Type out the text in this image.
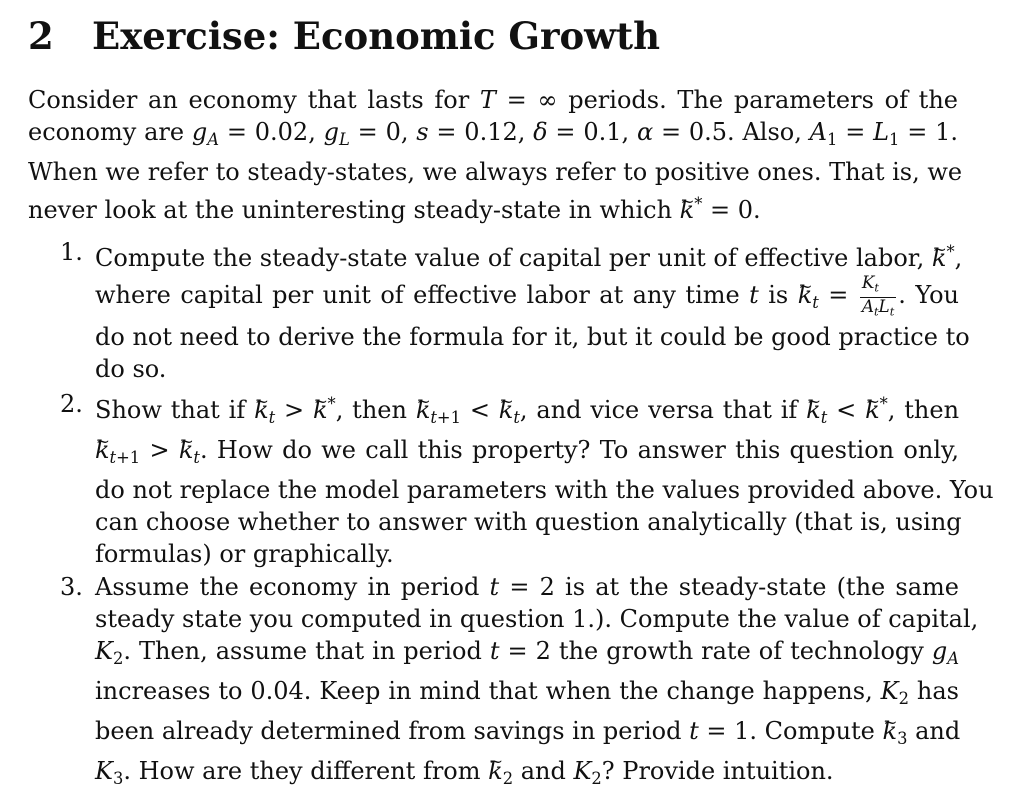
2 Exercise: Economic Growth
Consider an economy that lasts for T = ∞ periods. The parameters of the
economy are $g_A = 0.02$, $g_L = 0$, s = 0.12, δ = 0.1, α = 0.5. Also, $A_1 = L_1 = 1$.
When we refer to steady-states, we always refer to positive ones. That is, we
never look at the uninteresting steady-state in which ~ k* = 0.
1. Compute the steady-state value of capital per unit of effective labor, ~ k*,
where capital per unit of effective labor at any time t is ~ $k_t = \frac{K_t}{A_tL_t}$ . You
do not need to derive the formula for it, but it could be good practice to
do so.
2. Show that if ~ $k_t$ > ~ k*, then ~ $k_{t+1}$ < ~ $k_t$, and vice versa that if ~ $k_t$ < ~ k*, then
~ $k_{t+1}$ > ~ $k_t$. How do we call this property? To answer this question only,
do not replace the model parameters with the values provided above. You
can choose whether to answer with question analytically (that is, using
formulas) or graphically.
3. Assume the economy in period t = 2 is at the steady-state (the same
steady state you computed in question 1.). Compute the value of capital,
$K_2$. Then, assume that in period t = 2 the growth rate of technology $g_A$
increases to 0.04. Keep in mind that when the change happens, $K_2$ has
been already determined from savings in period t = 1. Compute ~ $k_3$ and
$K_3$. How are they different from ~ $k_2$ and $K_2$? Provide intuition.
